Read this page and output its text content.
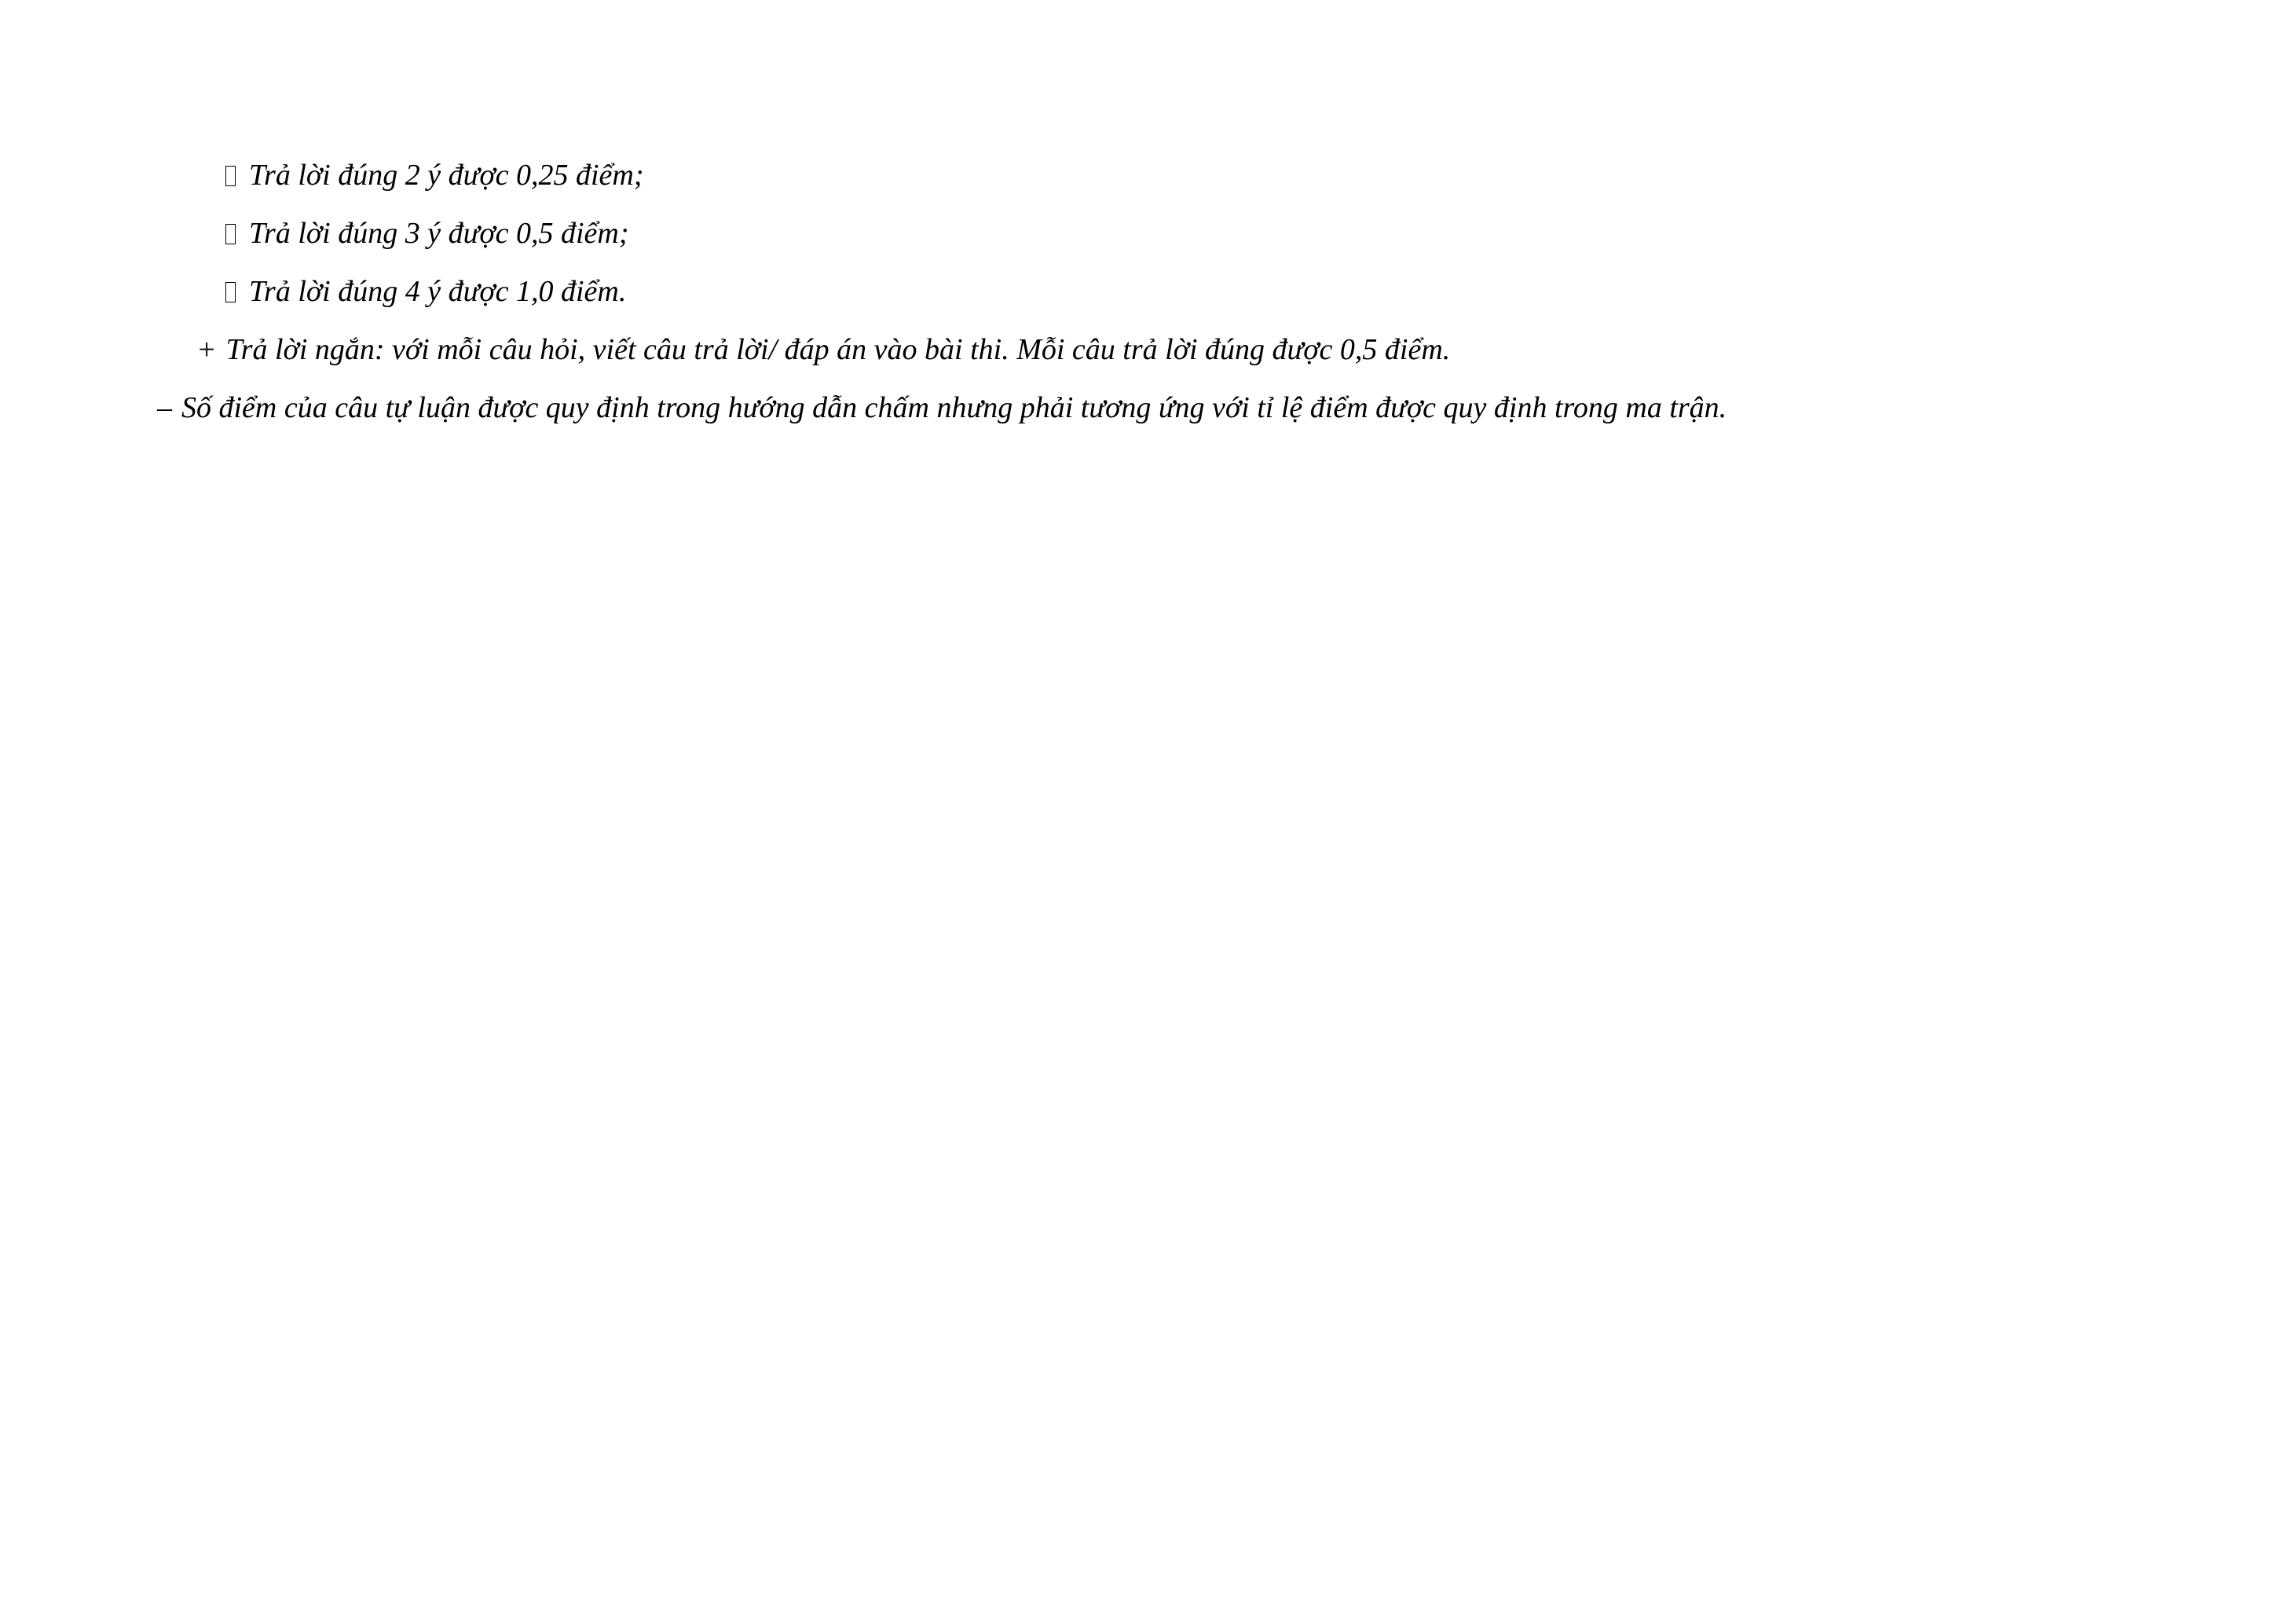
Trả lời đúng 2 ý được 0,25 điểm;

Trả lời đúng 3 ý được 0,5 điểm;

Trả lời đúng 4 ý được 1,0 điểm.

+ Trả lời ngắn: với mỗi câu hỏi, viết câu trả lời/ đáp án vào bài thi. Mỗi câu trả lời đúng được 0,5 điểm.

– Số điểm của câu tự luận được quy định trong hướng dẫn chấm nhưng phải tương ứng với tỉ lệ điểm được quy định trong ma trận.
